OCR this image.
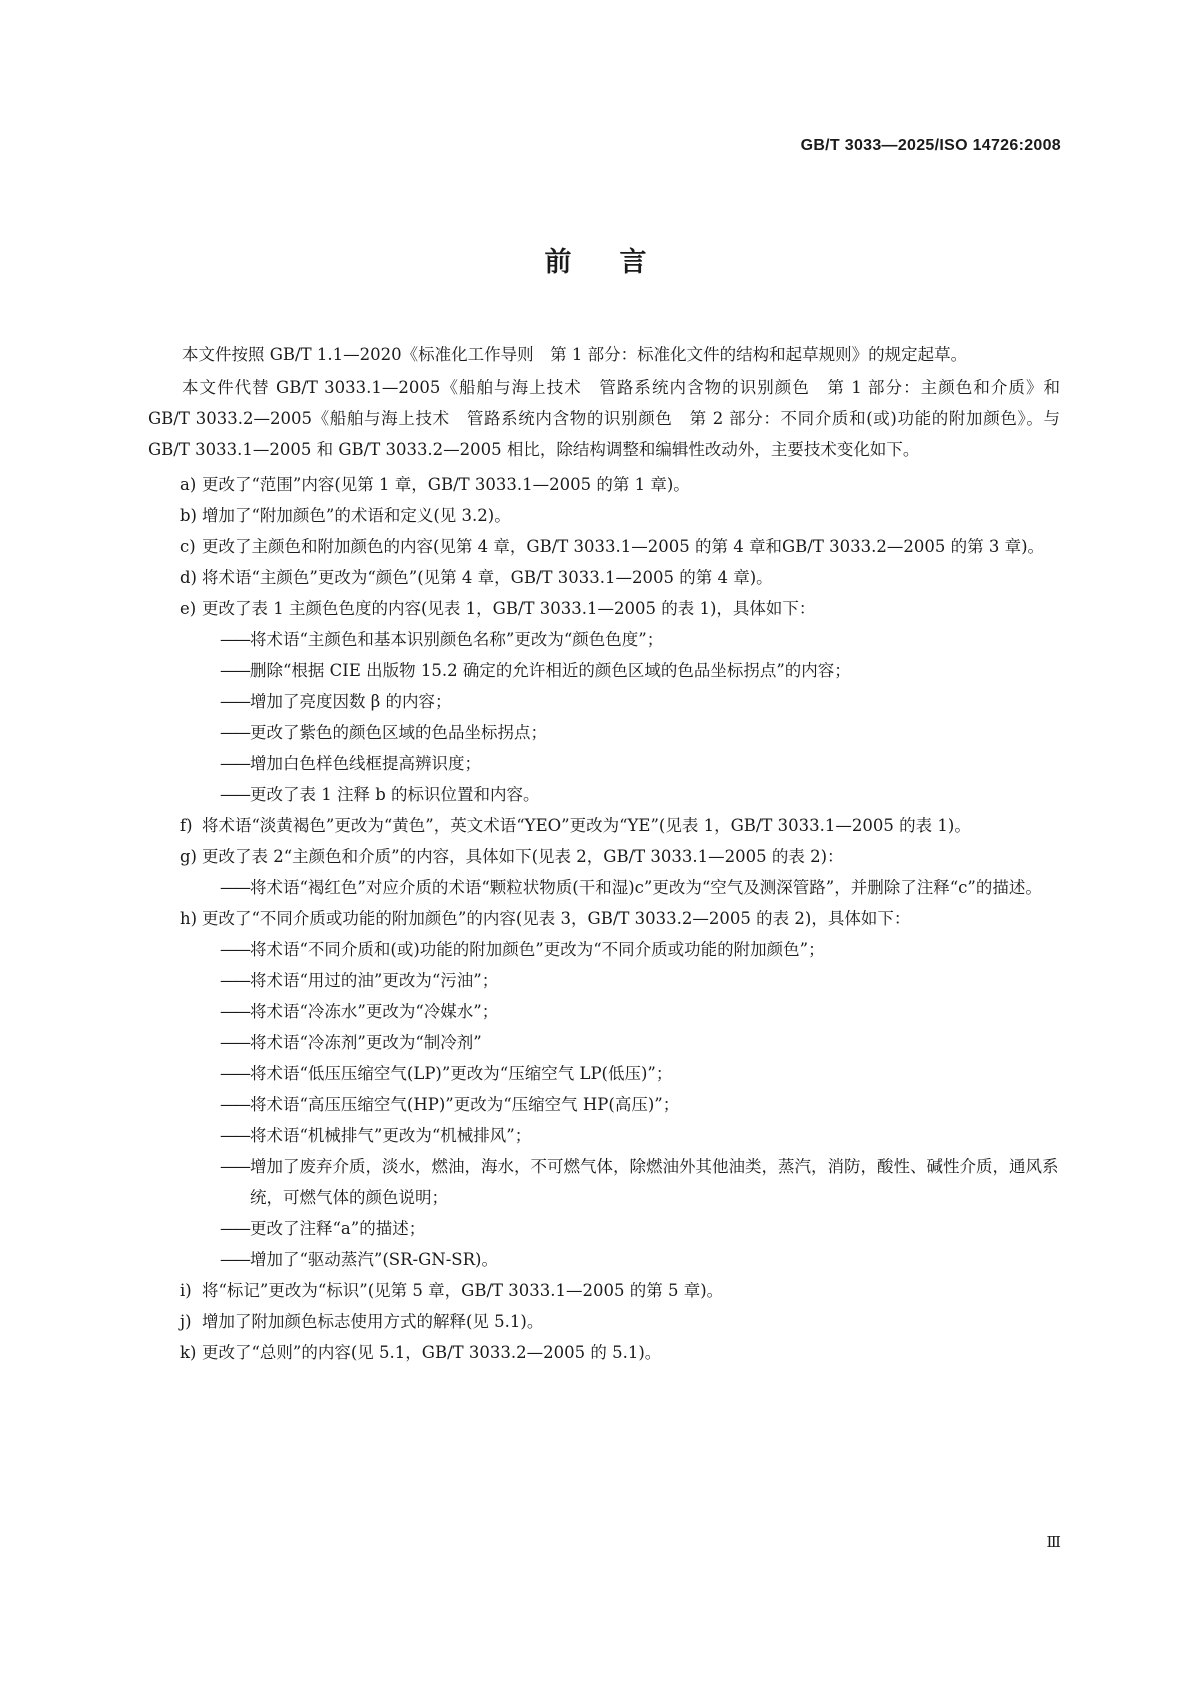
GB/T 3033—2025/ISO 14726:2008
前 言

本文件按照 GB/T 1.1—2020《标准化工作导则　第 1 部分：标准化文件的结构和起草规则》的规定起草。

本文件代替 GB/T 3033.1—2005《船舶与海上技术　管路系统内含物的识别颜色　第 1 部分：主颜色和介质》和 GB/T 3033.2—2005《船舶与海上技术　管路系统内含物的识别颜色　第 2 部分：不同介质和(或)功能的附加颜色》。与 GB/T 3033.1—2005 和 GB/T 3033.2—2005 相比，除结构调整和编辑性改动外，主要技术变化如下。

a) 更改了“范围”内容(见第 1 章，GB/T 3033.1—2005 的第 1 章)。
b) 增加了“附加颜色”的术语和定义(见 3.2)。
c) 更改了主颜色和附加颜色的内容(见第 4 章，GB/T 3033.1—2005 的第 4 章和GB/T 3033.2—2005 的第 3 章)。
d) 将术语“主颜色”更改为“颜色”(见第 4 章，GB/T 3033.1—2005 的第 4 章)。
e) 更改了表 1 主颜色色度的内容(见表 1，GB/T 3033.1—2005 的表 1)，具体如下：
—— 将术语“主颜色和基本识别颜色名称”更改为“颜色色度”；
—— 删除“根据 CIE 出版物 15.2 确定的允许相近的颜色区域的色品坐标拐点”的内容；
—— 增加了亮度因数 β 的内容；
—— 更改了紫色的颜色区域的色品坐标拐点；
—— 增加白色样色线框提高辨识度；
—— 更改了表 1 注释 b 的标识位置和内容。
f) 将术语“淡黄褐色”更改为“黄色”，英文术语“YEO”更改为“YE”(见表 1，GB/T 3033.1—2005 的表 1)。
g) 更改了表 2“主颜色和介质”的内容，具体如下(见表 2，GB/T 3033.1—2005 的表 2)：
—— 将术语“褐红色”对应介质的术语“颗粒状物质(干和湿)c”更改为“空气及测深管路”，并删除了注释“c”的描述。
h) 更改了“不同介质或功能的附加颜色”的内容(见表 3，GB/T 3033.2—2005 的表 2)，具体如下：
—— 将术语“不同介质和(或)功能的附加颜色”更改为“不同介质或功能的附加颜色”；
—— 将术语“用过的油”更改为“污油”；
—— 将术语“冷冻水”更改为“冷媒水”；
—— 将术语“冷冻剂”更改为“制冷剂”
—— 将术语“低压压缩空气(LP)”更改为“压缩空气 LP(低压)”；
—— 将术语“高压压缩空气(HP)”更改为“压缩空气 HP(高压)”；
—— 将术语“机械排气”更改为“机械排风”；
—— 增加了废弃介质，淡水，燃油，海水，不可燃气体，除燃油外其他油类，蒸汽，消防，酸性、碱性介质，通风系统，可燃气体的颜色说明；
—— 更改了注释“a”的描述；
—— 增加了“驱动蒸汽”(SR-GN-SR)。
i) 将“标记”更改为“标识”(见第 5 章，GB/T 3033.1—2005 的第 5 章)。
j) 增加了附加颜色标志使用方式的解释(见 5.1)。
k) 更改了“总则”的内容(见 5.1，GB/T 3033.2—2005 的 5.1)。
Ⅲ
